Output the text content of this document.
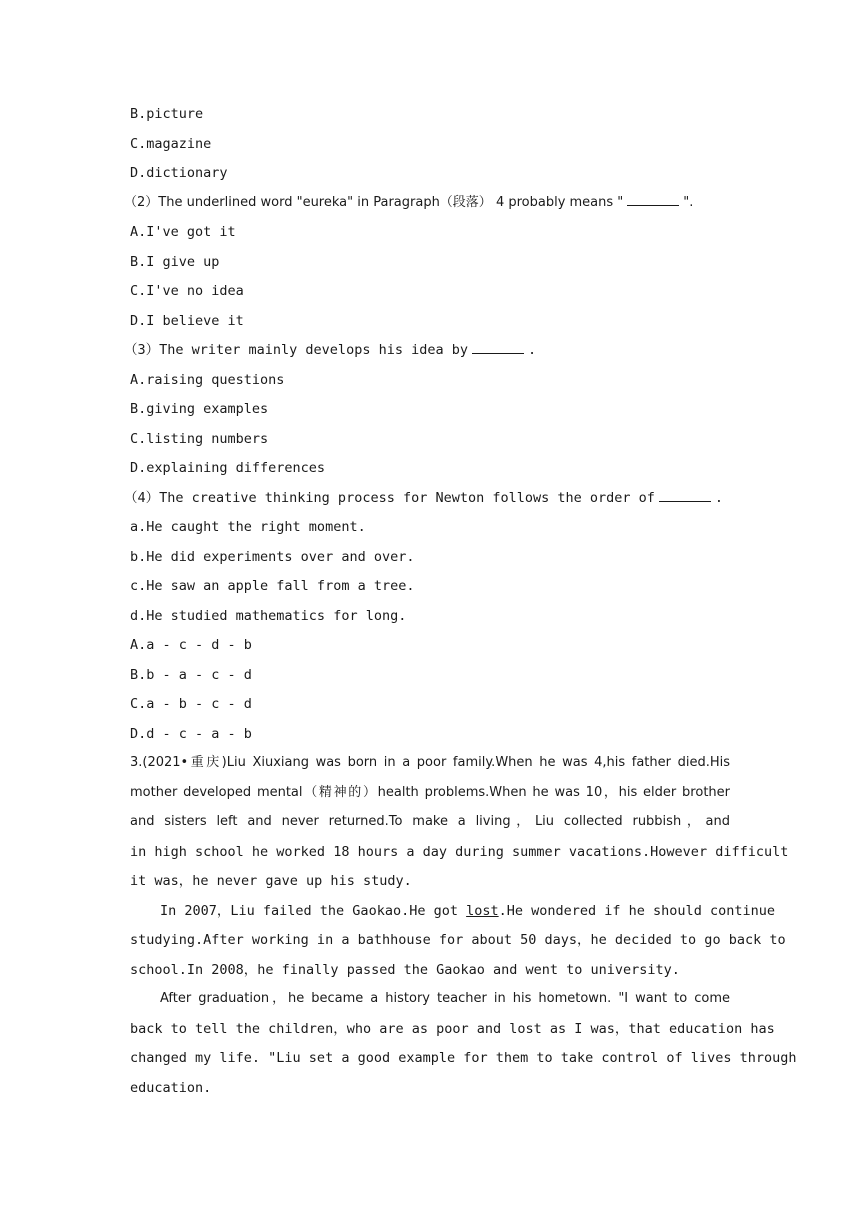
B.picture
C.magazine
D.dictionary
（2）The underlined word "eureka" in Paragraph（段落） 4 probably means "	".
A.I've got it
B.I give up
C.I've no idea
D.I believe it
（3）The writer mainly develops his idea by	.
A.raising questions
B.giving examples
C.listing numbers
D.explaining differences
（4）The creative thinking process for Newton follows the order of	.
a.He caught the right moment.
b.He did experiments over and over.
c.He saw an apple fall from a tree.
d.He studied mathematics for long.
A.a - c - d - b
B.b - a - c - d
C.a - b - c - d
D.d - c - a - b
3.(2021•重庆)Liu Xiuxiang was born in a poor family.When he was 4,his father died.His
mother developed mental（精神的）health problems.When he was 10，his elder brother
and sisters left and never returned.To make a living，Liu collected rubbish，and
in high school he worked 18 hours a day during summer vacations.However difficult
it was，he never gave up his study.
In 2007，Liu failed the Gaokao.He got lost.He wondered if he should continue
studying.After working in a bathhouse for about 50 days，he decided to go back to
school.In 2008，he finally passed the Gaokao and went to university.
After graduation，he became a history teacher in his hometown. "I want to come
back to tell the children，who are as poor and lost as I was，that education has
changed my life. "Liu set a good example for them to take control of lives through
education.
